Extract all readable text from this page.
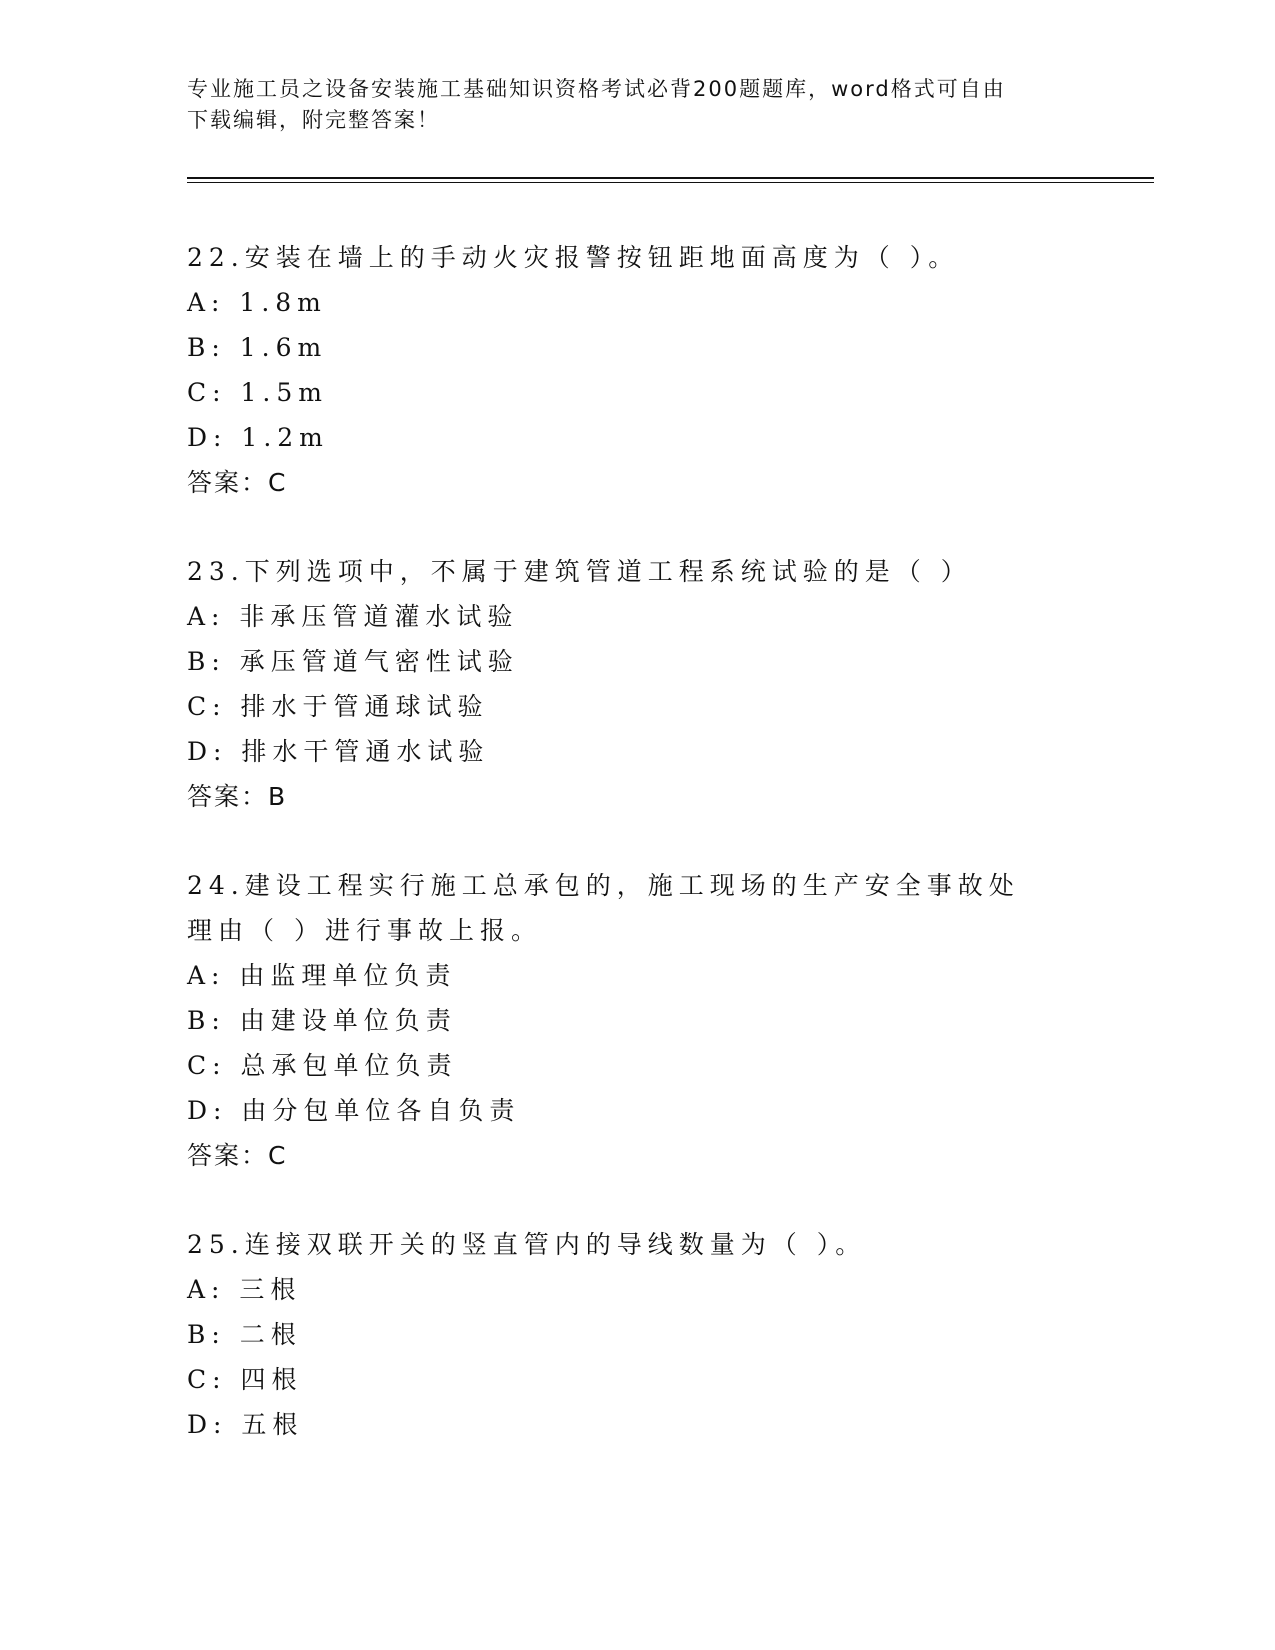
专业施工员之设备安装施工基础知识资格考试必背200题题库，word格式可自由
下载编辑，附完整答案！
22.安装在墙上的手动火灾报警按钮距地面高度为（ ）。
A: 1.8m
B: 1.6m
C: 1.5m
D: 1.2m
答案：C
23.下列选项中，不属于建筑管道工程系统试验的是（ ）
A: 非承压管道灌水试验
B: 承压管道气密性试验
C: 排水于管通球试验
D: 排水干管通水试验
答案：B
24.建设工程实行施工总承包的，施工现场的生产安全事故处理由（ ）进行事故上报。
A: 由监理单位负责
B: 由建设单位负责
C: 总承包单位负责
D: 由分包单位各自负责
答案：C
25.连接双联开关的竖直管内的导线数量为（ ）。
A: 三根
B: 二根
C: 四根
D: 五根
